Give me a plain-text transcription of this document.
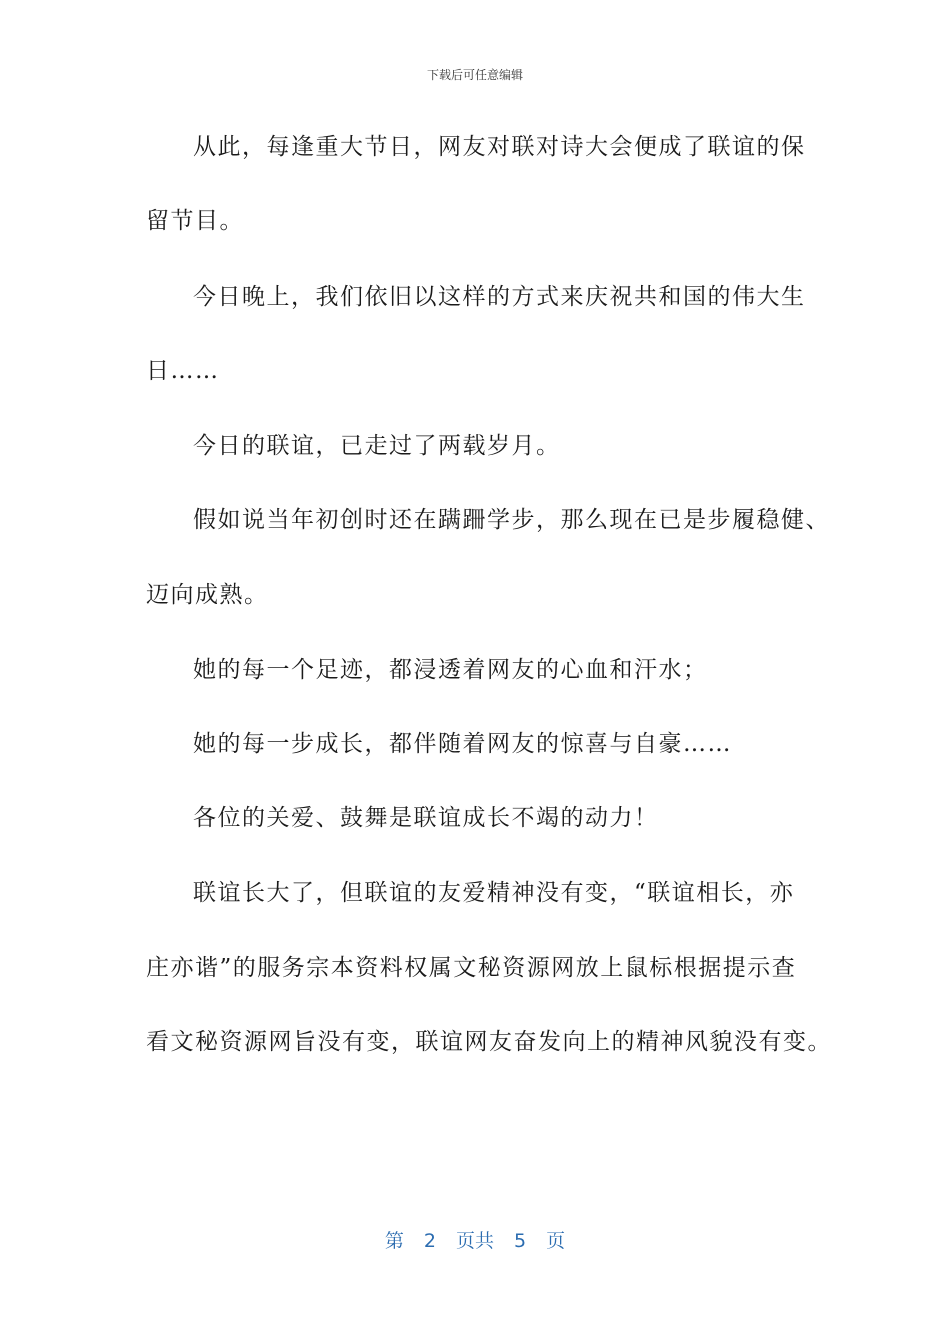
下载后可任意编辑
从此，每逢重大节日，网友对联对诗大会便成了联谊的保
留节目。
今日晚上，我们依旧以这样的方式来庆祝共和国的伟大生
日……
今日的联谊，已走过了两载岁月。
假如说当年初创时还在蹒跚学步，那么现在已是步履稳健、
迈向成熟。
她的每一个足迹，都浸透着网友的心血和汗水；
她的每一步成长，都伴随着网友的惊喜与自豪……
各位的关爱、鼓舞是联谊成长不竭的动力！
联谊长大了，但联谊的友爱精神没有变，“联谊相长，亦
庄亦谐”的服务宗本资料权属文秘资源网放上鼠标根据提示查
看文秘资源网旨没有变，联谊网友奋发向上的精神风貌没有变。
第 2 页共 5 页
